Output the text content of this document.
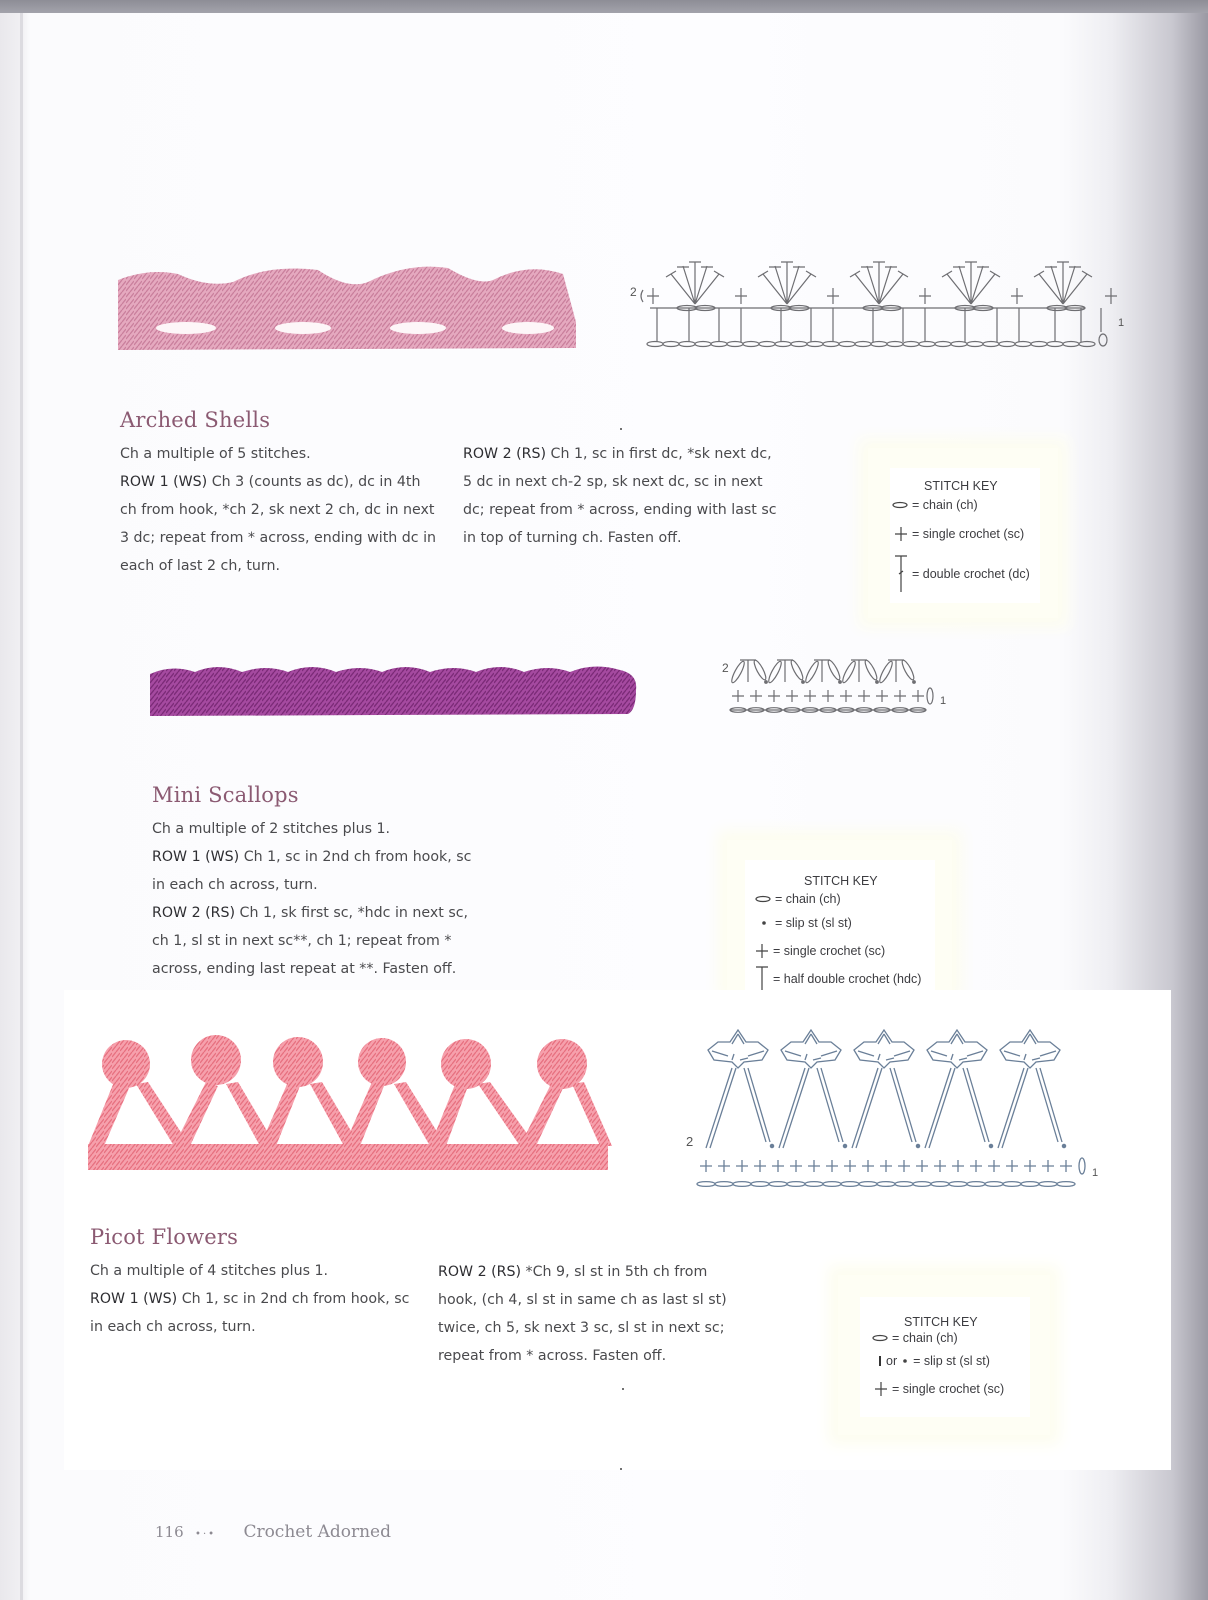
2
1
Arched Shells

Ch a multiple of 5 stitches.

ROW 1 (WS) Ch 3 (counts as dc), dc in 4th ch from hook, *ch 2, sk next 2 ch, dc in next 3 dc; repeat from * across, ending with dc in each of last 2 ch, turn.

ROW 2 (RS) Ch 1, sc in first dc, *sk next dc, 5 dc in next ch-2 sp, sk next dc, sc in next dc; repeat from * across, ending with last sc in top of turning ch. Fasten off.

STITCH KEY
= chain (ch)
= single crochet (sc)
= double crochet (dc)
2
1
Mini Scallops

Ch a multiple of 2 stitches plus 1.

ROW 1 (WS) Ch 1, sc in 2nd ch from hook, sc in each ch across, turn.

ROW 2 (RS) Ch 1, sk first sc, *hdc in next sc, ch 1, sl st in next sc**, ch 1; repeat from * across, ending last repeat at **. Fasten off.

STITCH KEY
= chain (ch)
= slip st (sl st)
= single crochet (sc)
= half double crochet (hdc)
2
1
Picot Flowers

Ch a multiple of 4 stitches plus 1.

ROW 1 (WS) Ch 1, sc in 2nd ch from hook, sc in each ch across, turn.

ROW 2 (RS) *Ch 9, sl st in 5th ch from hook, (ch 4, sl st in same ch as last sl st) twice, ch 5, sk next 3 sc, sl st in next sc; repeat from * across. Fasten off.

STITCH KEY
= chain (ch)
or = slip st (sl st)
= single crochet (sc)
116 •·• Crochet Adorned
